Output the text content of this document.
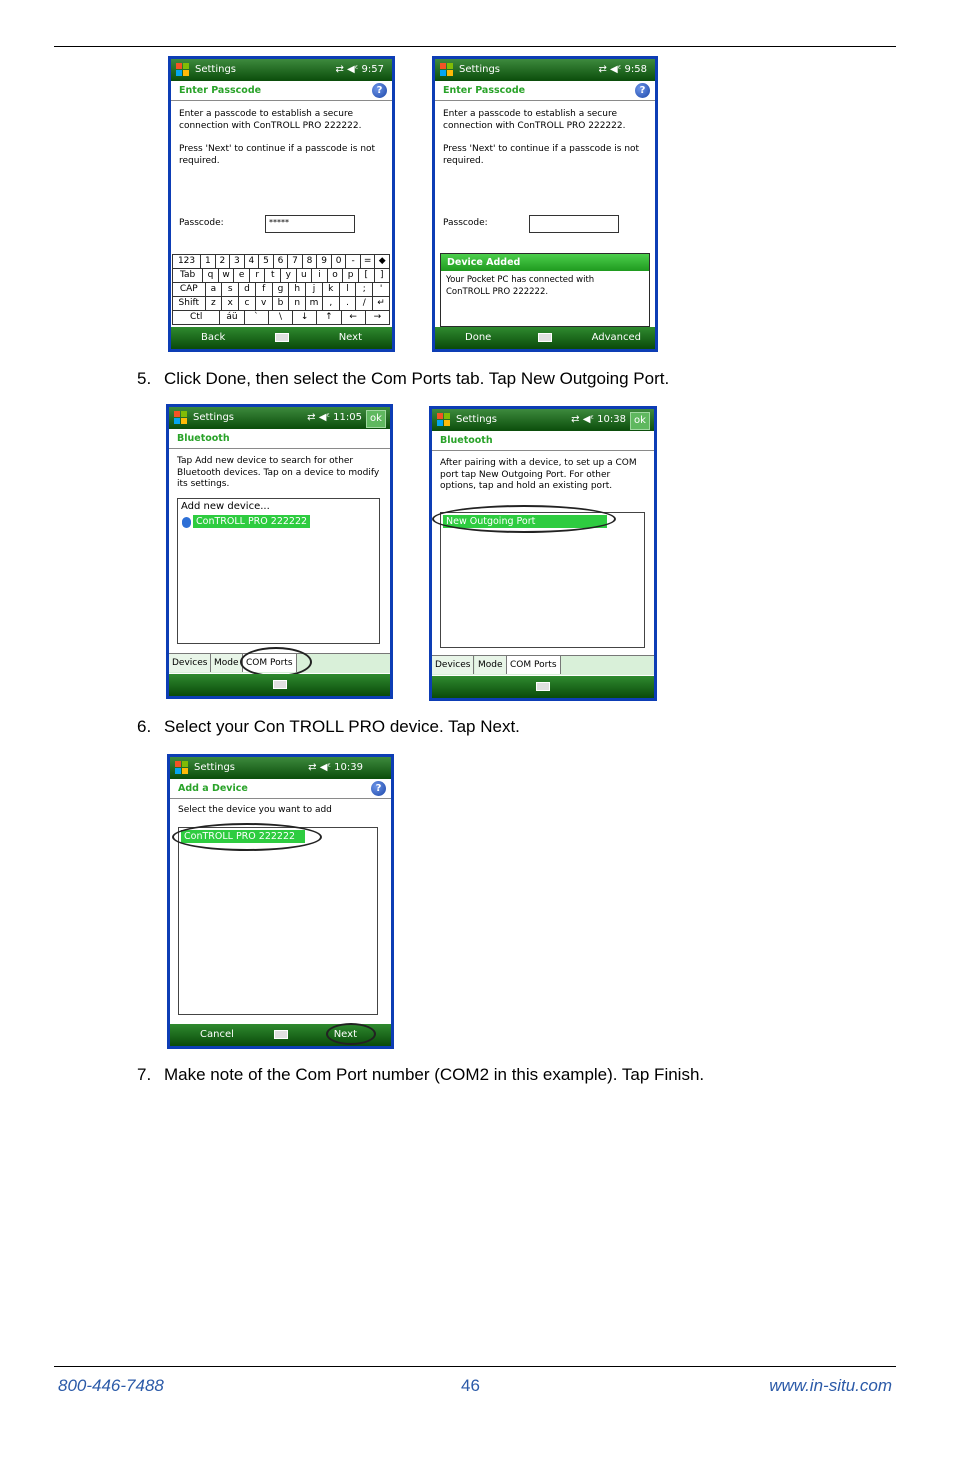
Settings	⇄ ◀ᵋ 9:57
Enter Passcode	?
Enter a passcode to establish a secure
connection with ConTROLL PRO 222222.
Press 'Next' to continue if a passcode is not
required.
Passcode:	*****
123	1 2 3 4 5 6 7 8 9 0	-	= ◆
Tab	q	w	e	r	t	y	u	i	o	p	[	]
CAP	a	s	d	f	g	h	j	k	l	;	'
Shift	z	x	c	v	b	n	m	,	.	/	↵
Ctl	áü	`	\	↓	↑	←	→
Back	Next
Settings	⇄ ◀ᵋ 9:58
Enter Passcode	?
Enter a passcode to establish a secure
connection with ConTROLL PRO 222222.
Press 'Next' to continue if a passcode is not
required.
Passcode:
Device Added
Your Pocket PC has connected with
ConTROLL PRO 222222.
Done	Advanced
5. Click Done, then select the Com Ports tab. Tap New Outgoing Port.
Settings	⇄ ◀ᵋ 11:05 ok
Bluetooth
Tap Add new device to search for other
Bluetooth devices. Tap on a device to modify
its settings.
Add new device...
ConTROLL PRO 222222
Devices Mode COM Ports
Settings	⇄ ◀ᵋ 10:38 ok
Bluetooth
After pairing with a device, to set up a COM
port tap New Outgoing Port. For other
options, tap and hold an existing port.
New Outgoing Port
Devices Mode COM Ports
6. Select your Con TROLL PRO device. Tap Next.
Settings	⇄ ◀ᵋ 10:39
Add a Device	?
Select the device you want to add
ConTROLL PRO 222222
Cancel	Next
7. Make note of the Com Port number (COM2 in this example). Tap Finish.
800-446-7488	46	www.in-situ.com
